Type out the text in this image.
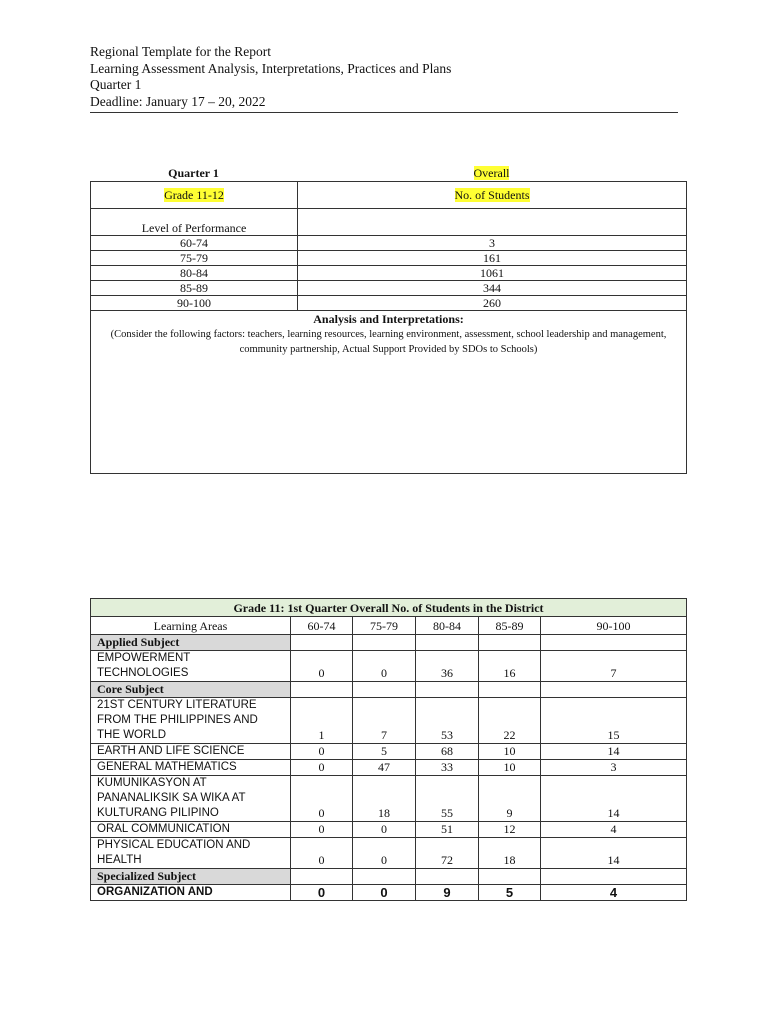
Regional Template for the Report
Learning Assessment Analysis, Interpretations, Practices and Plans
Quarter 1
Deadline: January 17 – 20, 2022
Quarter 1	Overall
Grade 11-12	No. of Students
Level of Performance	
60-74	3
75-79	161
80-84	1061
85-89	344
90-100	260

Analysis and Interpretations:
(Consider the following factors: teachers, learning resources, learning environment, assessment, school leadership and management, community partnership, Actual Support Provided by SDOs to Schools)	
Grade 11: 1st Quarter Overall No. of Students in the District					
Learning Areas	60-74	75-79	80-84	85-89	90-100
Applied Subject					

EMPOWERMENT
TECHNOLOGIES	0	0	36	16	7
Core Subject					

21ST CENTURY LITERATURE
FROM THE PHILIPPINES AND
THE WORLD	1	7	53	22	15

EARTH AND LIFE SCIENCE	0	5	68	10	14

GENERAL MATHEMATICS	0	47	33	10	3

KUMUNIKASYON AT
PANANALIKSIK SA WIKA AT
KULTURANG PILIPINO	0	18	55	9	14

ORAL COMMUNICATION	0	0	51	12	4

PHYSICAL EDUCATION AND
HEALTH	0	0	72	18	14
Specialized Subject					

ORGANIZATION AND	0	0	9	5	4
